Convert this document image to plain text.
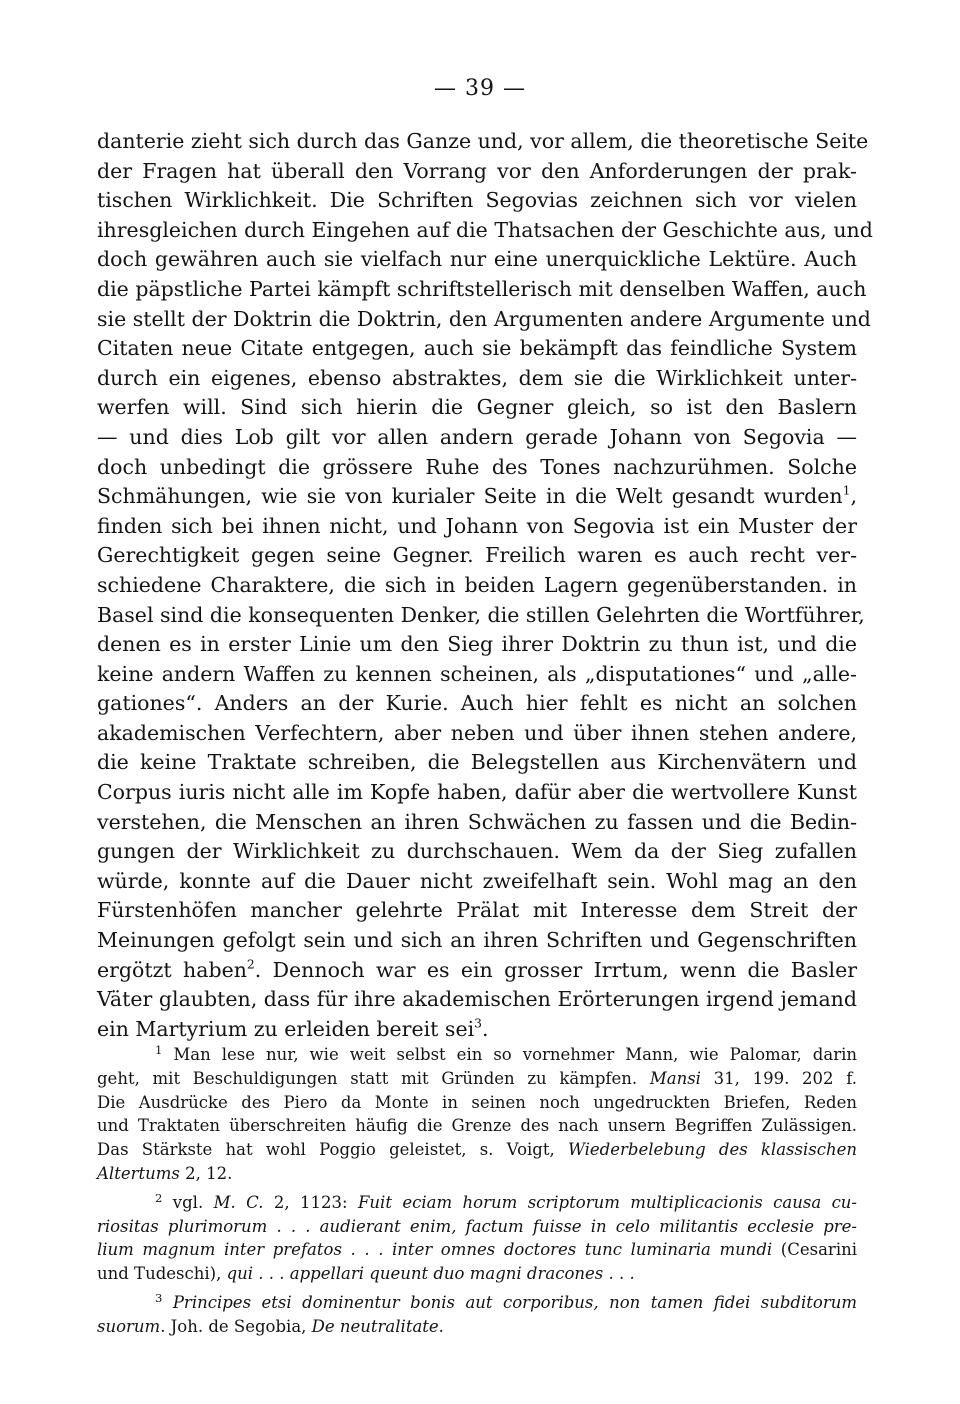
— 39 —
danterie zieht sich durch das Ganze und, vor allem, die theoretische Seite
der Fragen hat überall den Vorrang vor den Anforderungen der prak-
tischen Wirklichkeit. Die Schriften Segovias zeichnen sich vor vielen
ihresgleichen durch Eingehen auf die Thatsachen der Geschichte aus, und
doch gewähren auch sie vielfach nur eine unerquickliche Lektüre. Auch
die päpstliche Partei kämpft schriftstellerisch mit denselben Waffen, auch
sie stellt der Doktrin die Doktrin, den Argumenten andere Argumente und
Citaten neue Citate entgegen, auch sie bekämpft das feindliche System
durch ein eigenes, ebenso abstraktes, dem sie die Wirklichkeit unter-
werfen will. Sind sich hierin die Gegner gleich, so ist den Baslern
— und dies Lob gilt vor allen andern gerade Johann von Segovia —
doch unbedingt die grössere Ruhe des Tones nachzurühmen. Solche
Schmähungen, wie sie von kurialer Seite in die Welt gesandt wurden$^1$,
finden sich bei ihnen nicht, und Johann von Segovia ist ein Muster der
Gerechtigkeit gegen seine Gegner. Freilich waren es auch recht ver-
schiedene Charaktere, die sich in beiden Lagern gegenüberstanden. in
Basel sind die konsequenten Denker, die stillen Gelehrten die Wortführer,
denen es in erster Linie um den Sieg ihrer Doktrin zu thun ist, und die
keine andern Waffen zu kennen scheinen, als „disputationes“ und „alle-
gationes“. Anders an der Kurie. Auch hier fehlt es nicht an solchen
akademischen Verfechtern, aber neben und über ihnen stehen andere,
die keine Traktate schreiben, die Belegstellen aus Kirchenvätern und
Corpus iuris nicht alle im Kopfe haben, dafür aber die wertvollere Kunst
verstehen, die Menschen an ihren Schwächen zu fassen und die Bedin-
gungen der Wirklichkeit zu durchschauen. Wem da der Sieg zufallen
würde, konnte auf die Dauer nicht zweifelhaft sein. Wohl mag an den
Fürstenhöfen mancher gelehrte Prälat mit Interesse dem Streit der
Meinungen gefolgt sein und sich an ihren Schriften und Gegenschriften
ergötzt haben$^2$. Dennoch war es ein grosser Irrtum, wenn die Basler
Väter glaubten, dass für ihre akademischen Erörterungen irgend jemand
ein Martyrium zu erleiden bereit sei$^3$.
$^1$ Man lese nur, wie weit selbst ein so vornehmer Mann, wie Palomar, darin
geht, mit Beschuldigungen statt mit Gründen zu kämpfen. Mansi 31, 199. 202 f.
Die Ausdrücke des Piero da Monte in seinen noch ungedruckten Briefen, Reden
und Traktaten überschreiten häufig die Grenze des nach unsern Begriffen Zulässigen.
Das Stärkste hat wohl Poggio geleistet, s. Voigt, Wiederbelebung des klassischen
Altertums 2, 12.
$^2$ vgl. M. C. 2, 1123: Fuit eciam horum scriptorum multiplicacionis causa cu-
riositas plurimorum . . . audierant enim, factum fuisse in celo militantis ecclesie pre-
lium magnum inter prefatos . . . inter omnes doctores tunc luminaria mundi (Cesarini
und Tudeschi), qui . . . appellari queunt duo magni dracones . . .
$^3$ Principes etsi dominentur bonis aut corporibus, non tamen fidei subditorum
suorum. Joh. de Segobia, De neutralitate.
